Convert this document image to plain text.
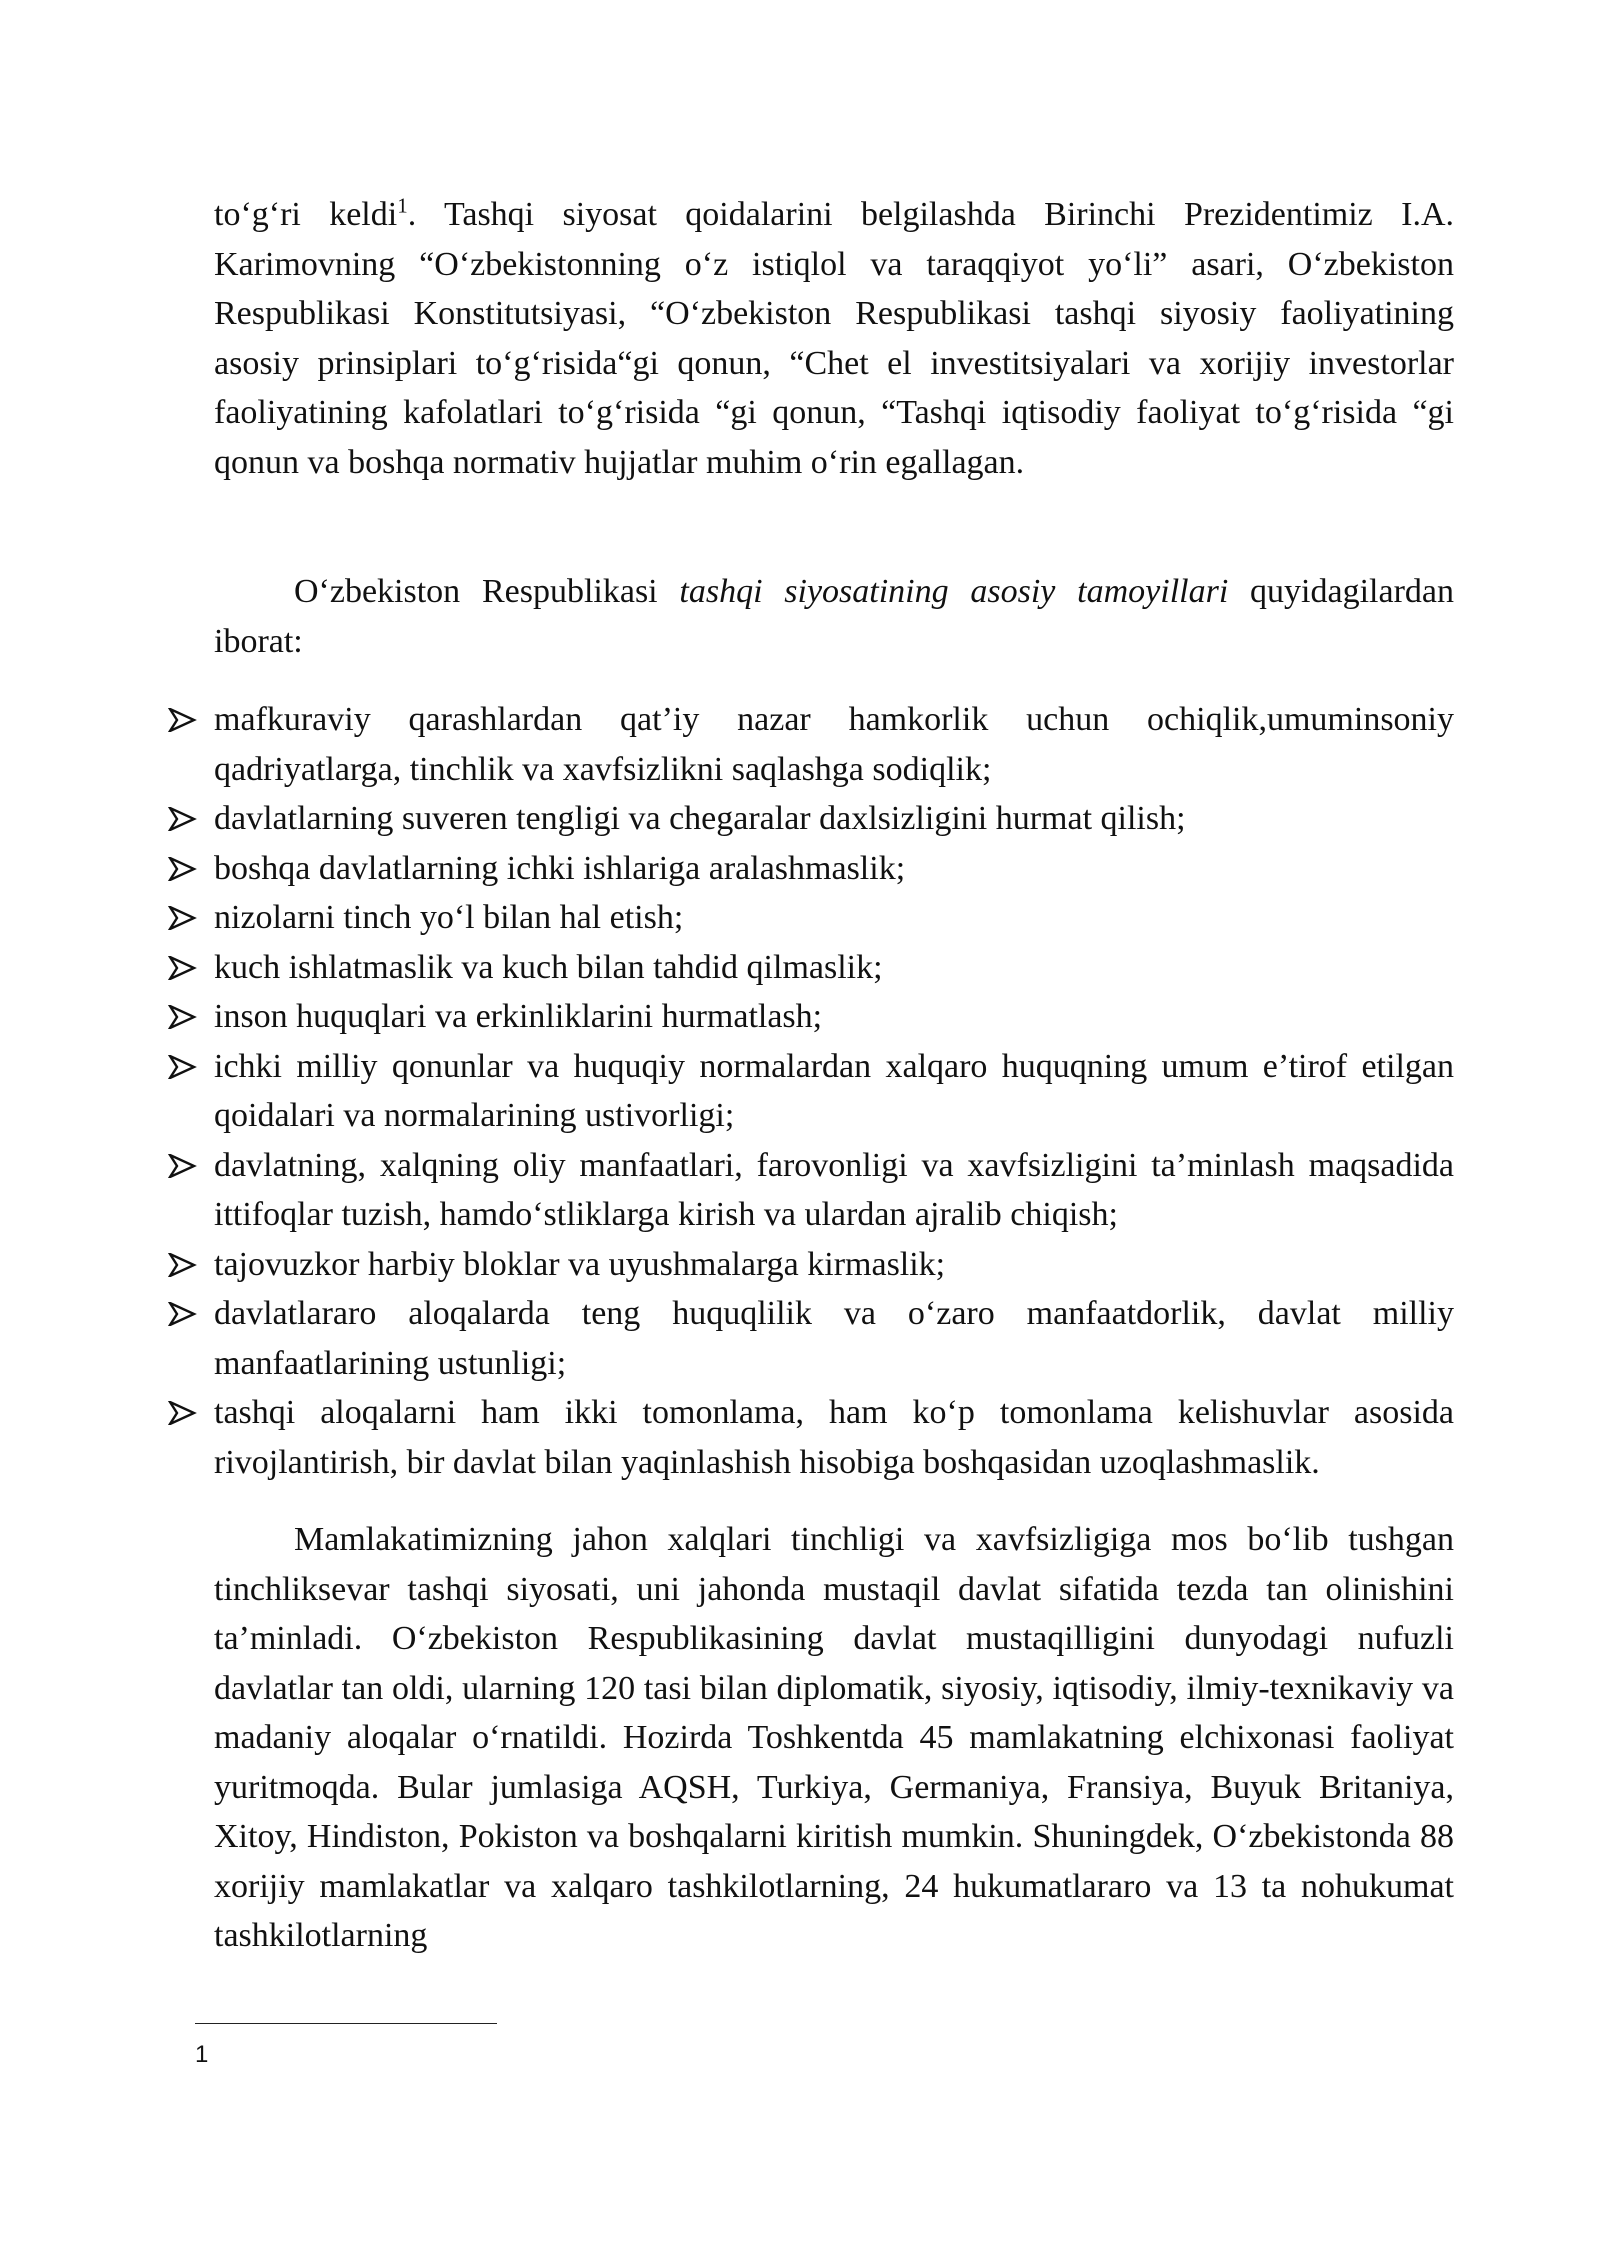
to‘g‘ri keldi$^1$. Tashqi siyosat qoidalarini belgilashda Birinchi Prezidentimiz I.A. Karimovning “O‘zbekistonning o‘z istiqlol va taraqqiyot yo‘li” asari, O‘zbekiston Respublikasi Konstitutsiyasi, “O‘zbekiston Respublikasi tashqi siyosiy faoliyatining asosiy prinsiplari to‘g‘risida“gi qonun, “Chet el investitsiyalari va xorijiy investorlar faoliyatining kafolatlari to‘g‘risida “gi qonun, “Tashqi iqtisodiy faoliyat to‘g‘risida “gi qonun va boshqa normativ hujjatlar muhim o‘rin egallagan.

O‘zbekiston Respublikasi tashqi siyosatining asosiy tamoyillari quyidagilardan iborat:

mafkuraviy qarashlardan qat’iy nazar hamkorlik uchun ochiqlik,umuminsoniy qadriyatlarga, tinchlik va xavfsizlikni saqlashga sodiqlik;
davlatlarning suveren tengligi va chegaralar daxlsizligini hurmat qilish;
boshqa davlatlarning ichki ishlariga aralashmaslik;
nizolarni tinch yo‘l bilan hal etish;
kuch ishlatmaslik va kuch bilan tahdid qilmaslik;
inson huquqlari va erkinliklarini hurmatlash;
ichki milliy qonunlar va huquqiy normalardan xalqaro huquqning umum e’tirof etilgan qoidalari va normalarining ustivorligi;
davlatning, xalqning oliy manfaatlari, farovonligi va xavfsizligini ta’minlash maqsadida ittifoqlar tuzish, hamdo‘stliklarga kirish va ulardan ajralib chiqish;
tajovuzkor harbiy bloklar va uyushmalarga kirmaslik;
davlatlararo aloqalarda teng huquqlilik va o‘zaro manfaatdorlik, davlat milliy manfaatlarining ustunligi;
tashqi aloqalarni ham ikki tomonlama, ham ko‘p tomonlama kelishuvlar asosida rivojlantirish, bir davlat bilan yaqinlashish hisobiga boshqasidan uzoqlashmaslik.

Mamlakatimizning jahon xalqlari tinchligi va xavfsizligiga mos bo‘lib tushgan tinchliksevar tashqi siyosati, uni jahonda mustaqil davlat sifatida tezda tan olinishini ta’minladi. O‘zbekiston Respublikasining davlat mustaqilligini dunyodagi nufuzli davlatlar tan oldi, ularning 120 tasi bilan diplomatik, siyosiy, iqtisodiy, ilmiy-texnikaviy va madaniy aloqalar o‘rnatildi. Hozirda Toshkentda 45 mamlakatning elchixonasi faoliyat yuritmoqda. Bular jumlasiga AQSH, Turkiya, Germaniya, Fransiya, Buyuk Britaniya, Xitoy, Hindiston, Pokiston va boshqalarni kiritish mumkin. Shuningdek, O‘zbekistonda 88 xorijiy mamlakatlar va xalqaro tashkilotlarning, 24 hukumatlararo va 13 ta nohukumat tashkilotlarning

1
